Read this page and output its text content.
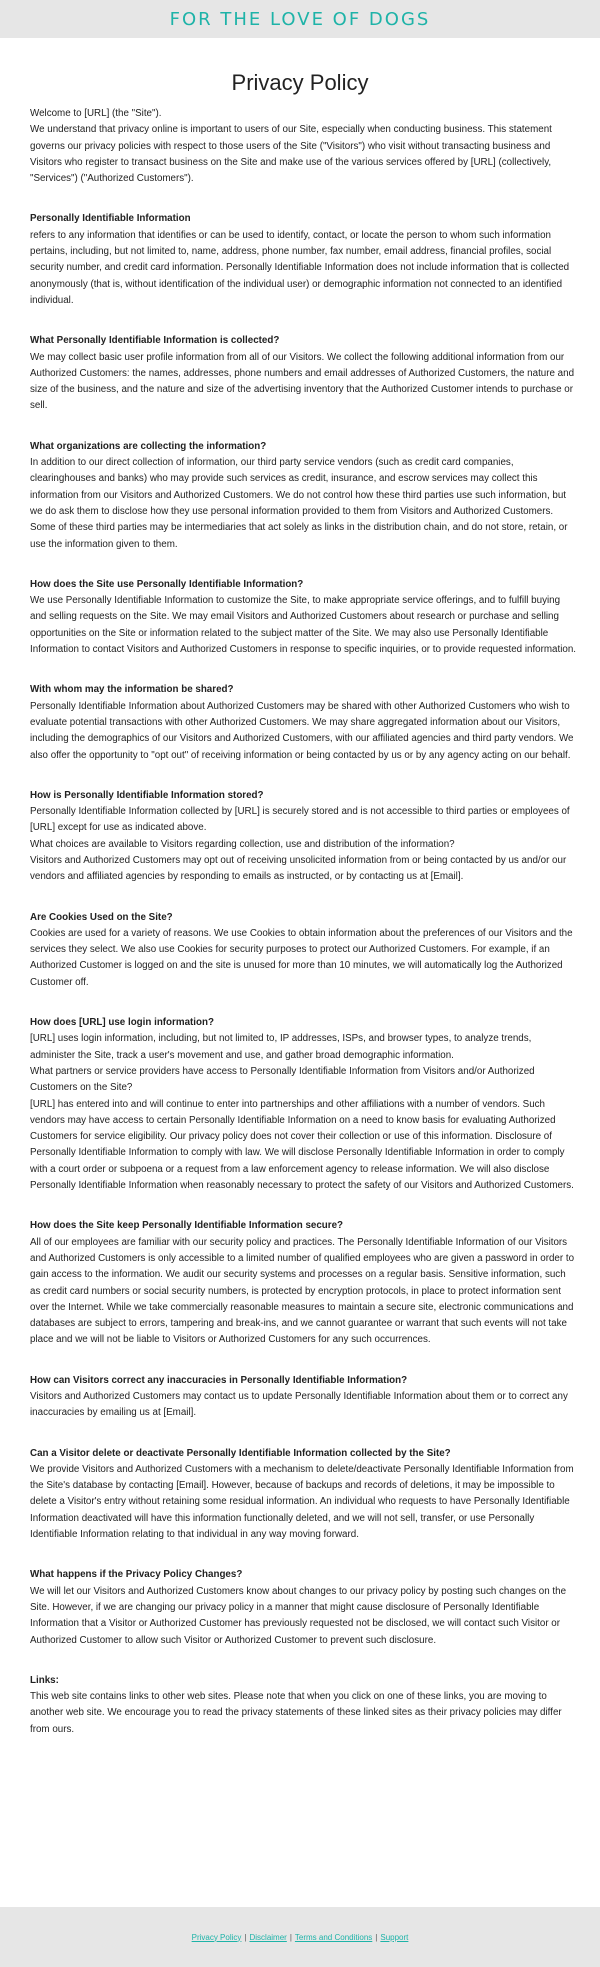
FOR THE LOVE OF DOGS
Privacy Policy

Welcome to [URL] (the "Site").

We understand that privacy online is important to users of our Site, especially when conducting business. This statement governs our privacy policies with respect to those users of the Site ("Visitors") who visit without transacting business and Visitors who register to transact business on the Site and make use of the various services offered by [URL] (collectively, "Services") ("Authorized Customers").

Personally Identifiable Information

refers to any information that identifies or can be used to identify, contact, or locate the person to whom such information pertains, including, but not limited to, name, address, phone number, fax number, email address, financial profiles, social security number, and credit card information. Personally Identifiable Information does not include information that is collected anonymously (that is, without identification of the individual user) or demographic information not connected to an identified individual.

What Personally Identifiable Information is collected?

We may collect basic user profile information from all of our Visitors. We collect the following additional information from our Authorized Customers: the names, addresses, phone numbers and email addresses of Authorized Customers, the nature and size of the business, and the nature and size of the advertising inventory that the Authorized Customer intends to purchase or sell.

What organizations are collecting the information?

In addition to our direct collection of information, our third party service vendors (such as credit card companies, clearinghouses and banks) who may provide such services as credit, insurance, and escrow services may collect this information from our Visitors and Authorized Customers. We do not control how these third parties use such information, but we do ask them to disclose how they use personal information provided to them from Visitors and Authorized Customers. Some of these third parties may be intermediaries that act solely as links in the distribution chain, and do not store, retain, or use the information given to them.

How does the Site use Personally Identifiable Information?

We use Personally Identifiable Information to customize the Site, to make appropriate service offerings, and to fulfill buying and selling requests on the Site. We may email Visitors and Authorized Customers about research or purchase and selling opportunities on the Site or information related to the subject matter of the Site. We may also use Personally Identifiable Information to contact Visitors and Authorized Customers in response to specific inquiries, or to provide requested information.

With whom may the information be shared?

Personally Identifiable Information about Authorized Customers may be shared with other Authorized Customers who wish to evaluate potential transactions with other Authorized Customers. We may share aggregated information about our Visitors, including the demographics of our Visitors and Authorized Customers, with our affiliated agencies and third party vendors. We also offer the opportunity to "opt out" of receiving information or being contacted by us or by any agency acting on our behalf.

How is Personally Identifiable Information stored?

Personally Identifiable Information collected by [URL] is securely stored and is not accessible to third parties or employees of [URL] except for use as indicated above.

What choices are available to Visitors regarding collection, use and distribution of the information?

Visitors and Authorized Customers may opt out of receiving unsolicited information from or being contacted by us and/or our vendors and affiliated agencies by responding to emails as instructed, or by contacting us at [Email].

Are Cookies Used on the Site?

Cookies are used for a variety of reasons. We use Cookies to obtain information about the preferences of our Visitors and the services they select. We also use Cookies for security purposes to protect our Authorized Customers. For example, if an Authorized Customer is logged on and the site is unused for more than 10 minutes, we will automatically log the Authorized Customer off.

How does [URL] use login information?

[URL] uses login information, including, but not limited to, IP addresses, ISPs, and browser types, to analyze trends, administer the Site, track a user's movement and use, and gather broad demographic information.

What partners or service providers have access to Personally Identifiable Information from Visitors and/or Authorized Customers on the Site?

[URL] has entered into and will continue to enter into partnerships and other affiliations with a number of vendors. Such vendors may have access to certain Personally Identifiable Information on a need to know basis for evaluating Authorized Customers for service eligibility. Our privacy policy does not cover their collection or use of this information. Disclosure of Personally Identifiable Information to comply with law. We will disclose Personally Identifiable Information in order to comply with a court order or subpoena or a request from a law enforcement agency to release information. We will also disclose Personally Identifiable Information when reasonably necessary to protect the safety of our Visitors and Authorized Customers.

How does the Site keep Personally Identifiable Information secure?

All of our employees are familiar with our security policy and practices. The Personally Identifiable Information of our Visitors and Authorized Customers is only accessible to a limited number of qualified employees who are given a password in order to gain access to the information. We audit our security systems and processes on a regular basis. Sensitive information, such as credit card numbers or social security numbers, is protected by encryption protocols, in place to protect information sent over the Internet. While we take commercially reasonable measures to maintain a secure site, electronic communications and databases are subject to errors, tampering and break-ins, and we cannot guarantee or warrant that such events will not take place and we will not be liable to Visitors or Authorized Customers for any such occurrences.

How can Visitors correct any inaccuracies in Personally Identifiable Information?

Visitors and Authorized Customers may contact us to update Personally Identifiable Information about them or to correct any inaccuracies by emailing us at [Email].

Can a Visitor delete or deactivate Personally Identifiable Information collected by the Site?

We provide Visitors and Authorized Customers with a mechanism to delete/deactivate Personally Identifiable Information from the Site's database by contacting [Email]. However, because of backups and records of deletions, it may be impossible to delete a Visitor's entry without retaining some residual information. An individual who requests to have Personally Identifiable Information deactivated will have this information functionally deleted, and we will not sell, transfer, or use Personally Identifiable Information relating to that individual in any way moving forward.

What happens if the Privacy Policy Changes?

We will let our Visitors and Authorized Customers know about changes to our privacy policy by posting such changes on the Site. However, if we are changing our privacy policy in a manner that might cause disclosure of Personally Identifiable Information that a Visitor or Authorized Customer has previously requested not be disclosed, we will contact such Visitor or Authorized Customer to allow such Visitor or Authorized Customer to prevent such disclosure.

Links:

This web site contains links to other web sites. Please note that when you click on one of these links, you are moving to another web site. We encourage you to read the privacy statements of these linked sites as their privacy policies may differ from ours.

Privacy Policy | Disclaimer | Terms and Conditions | Support
